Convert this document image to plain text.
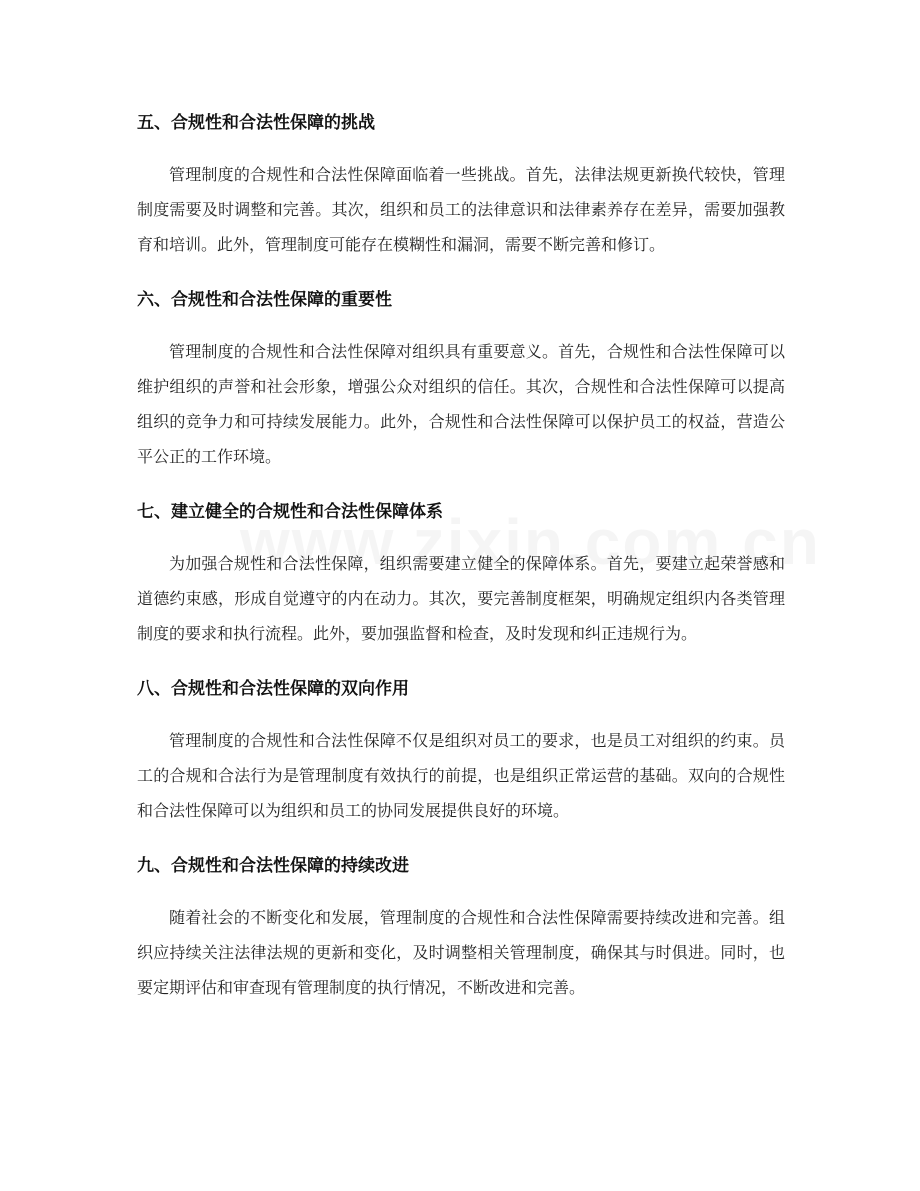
五、合规性和合法性保障的挑战

管理制度的合规性和合法性保障面临着一些挑战。首先，法律法规更新换代较快，管理制度需要及时调整和完善。其次，组织和员工的法律意识和法律素养存在差异，需要加强教育和培训。此外，管理制度可能存在模糊性和漏洞，需要不断完善和修订。

六、合规性和合法性保障的重要性

管理制度的合规性和合法性保障对组织具有重要意义。首先，合规性和合法性保障可以维护组织的声誉和社会形象，增强公众对组织的信任。其次，合规性和合法性保障可以提高组织的竞争力和可持续发展能力。此外，合规性和合法性保障可以保护员工的权益，营造公平公正的工作环境。

七、建立健全的合规性和合法性保障体系

为加强合规性和合法性保障，组织需要建立健全的保障体系。首先，要建立起荣誉感和道德约束感，形成自觉遵守的内在动力。其次，要完善制度框架，明确规定组织内各类管理制度的要求和执行流程。此外，要加强监督和检查，及时发现和纠正违规行为。

八、合规性和合法性保障的双向作用

管理制度的合规性和合法性保障不仅是组织对员工的要求，也是员工对组织的约束。员工的合规和合法行为是管理制度有效执行的前提，也是组织正常运营的基础。双向的合规性和合法性保障可以为组织和员工的协同发展提供良好的环境。

九、合规性和合法性保障的持续改进

随着社会的不断变化和发展，管理制度的合规性和合法性保障需要持续改进和完善。组织应持续关注法律法规的更新和变化，及时调整相关管理制度，确保其与时俱进。同时，也要定期评估和审查现有管理制度的执行情况，不断改进和完善。
